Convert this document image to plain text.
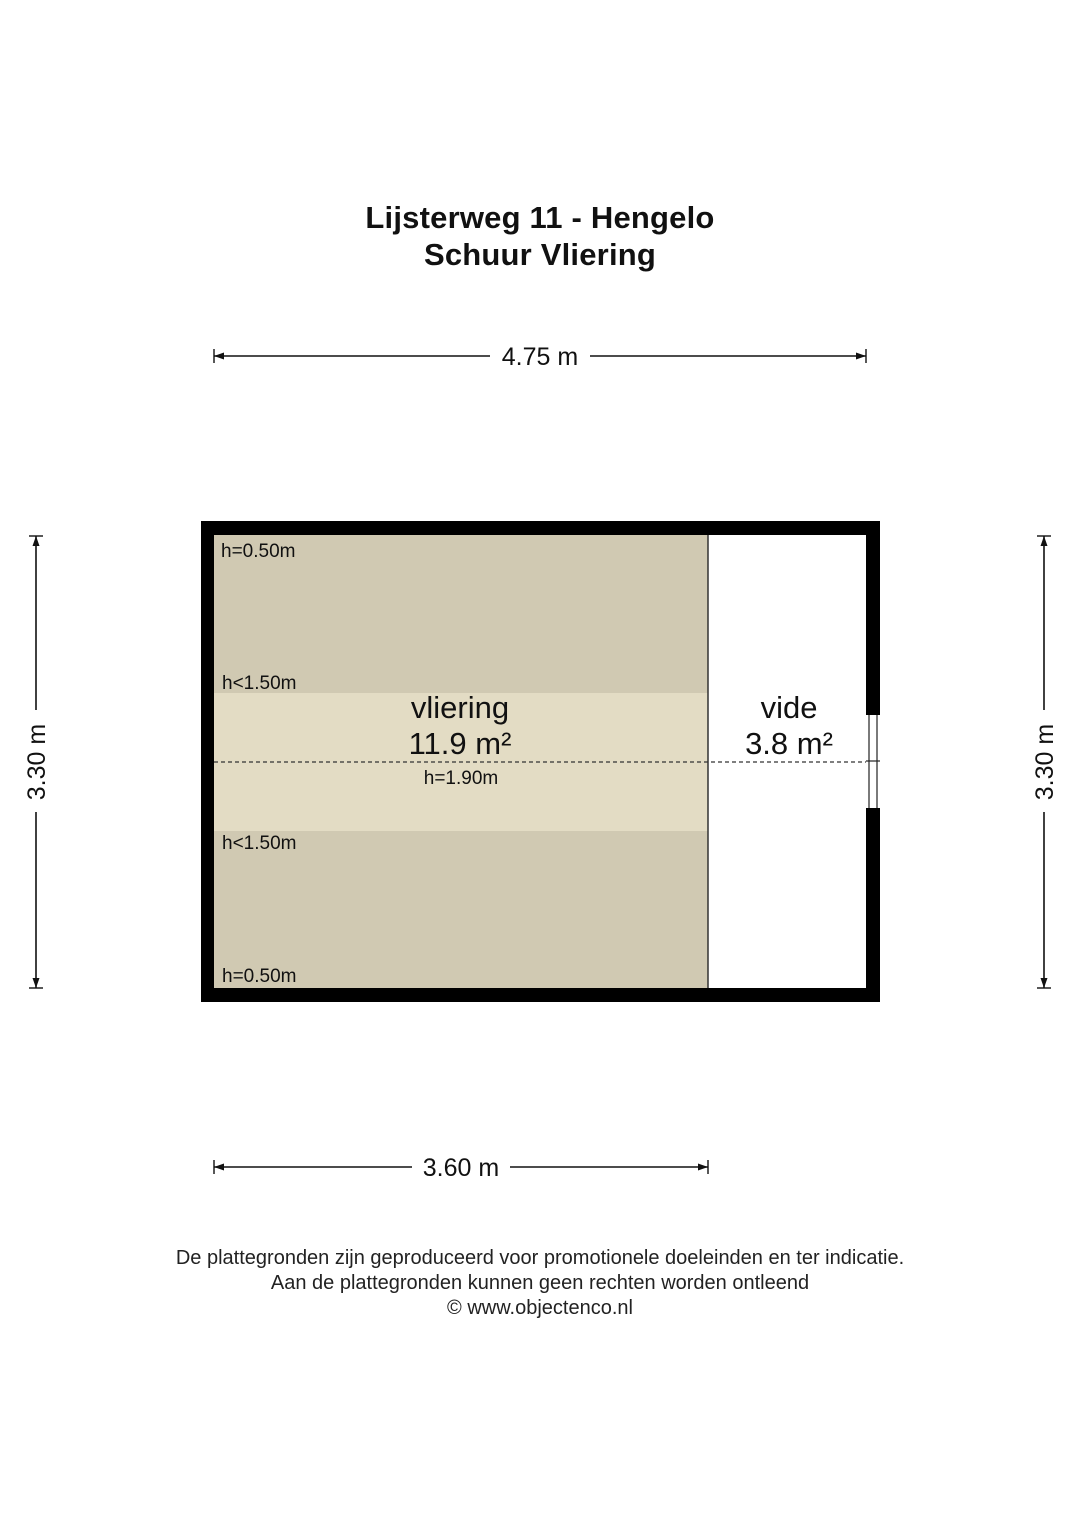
Lijsterweg 11 - Hengelo
Schuur Vliering
4.75 m
3.30 m	3.30 m
h=0.50m
h<1.50m
h<1.50m
h=0.50m
vliering
11.9 m²
h=1.90m
vide
3.8 m²
3.60 m
De plattegronden zijn geproduceerd voor promotionele doeleinden en ter indicatie.
Aan de plattegronden kunnen geen rechten worden ontleend
© www.objectenco.nl
